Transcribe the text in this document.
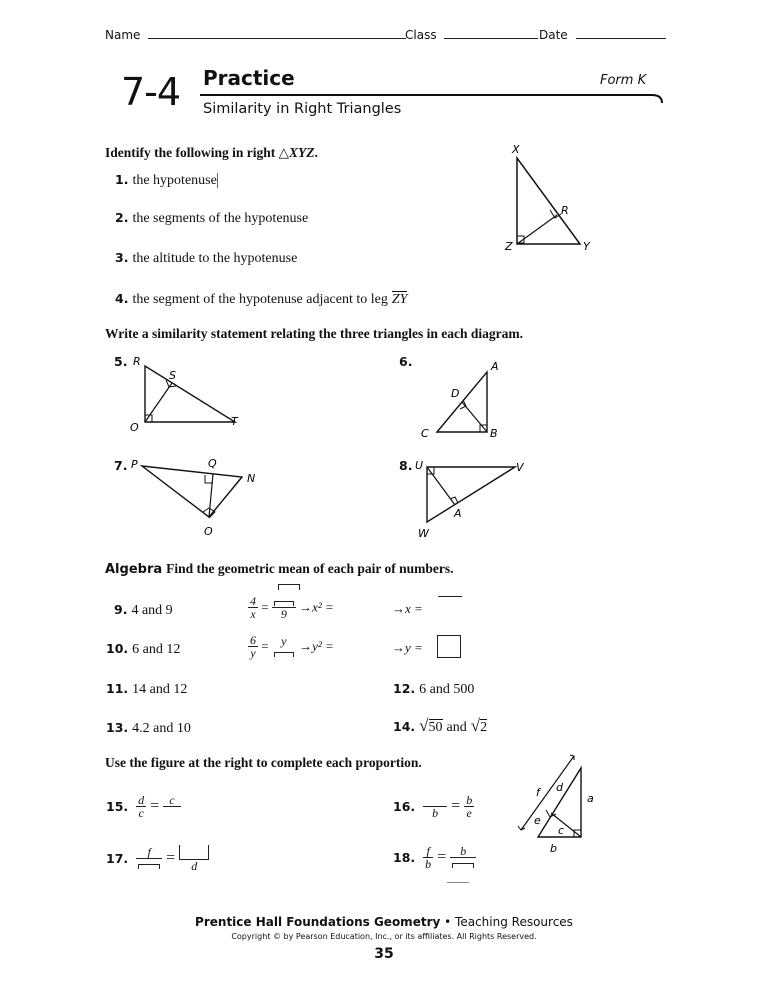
Name	Class	Date
7-4 Practice	Form K
Similarity in Right Triangles
Identify the following in right △XYZ.
1. the hypotenuse
2. the segments of the hypotenuse
3. the altitude to the hypotenuse
4. the segment of the hypotenuse adjacent to leg ZY
X
R
Z	Y
Write a similarity statement relating the three triangles in each diagram.
5. R
S
O	T
6.	A
D
C	B
7. P	Q
N
O
8. U	V
A
W
Algebra Find the geometric mean of each pair of numbers.
9. 4 and 9	$\frac{4}{x}$ =	9 →x² =	→x =
10. 6 and 12	$\frac{6}{y}$ =	y →y² =	→y =
11. 14 and 12	12. 6 and 500
13. 4.2 and 10	14. √50 and √2
Use the figure at the right to complete each proportion.
15. $\frac{d}{c} = c$	16.	$b = \frac{b}{e}$
17.	f =	d
18. $\frac{f}{b}$ =	b
f d
a
e
c
b
Prentice Hall Foundations Geometry • Teaching Resources
Copyright © by Pearson Education, Inc., or its affiliates. All Rights Reserved.
35
